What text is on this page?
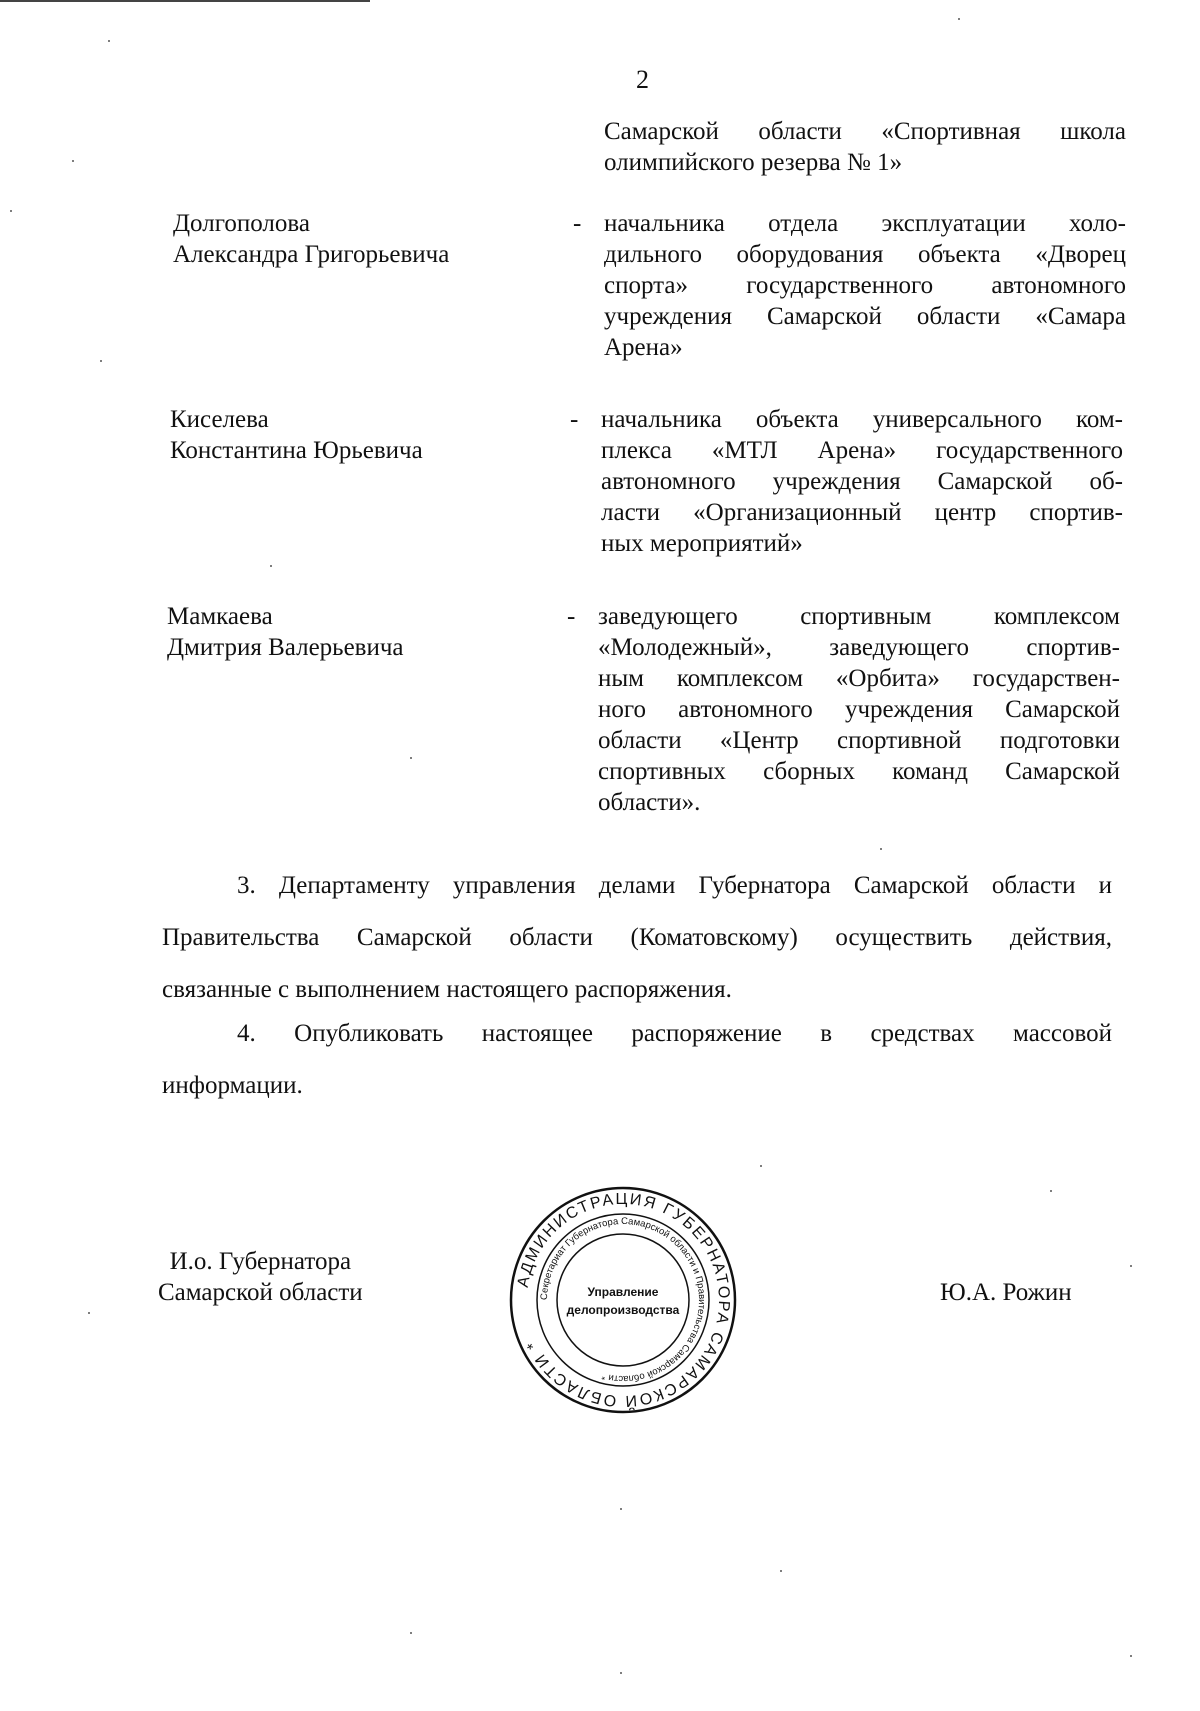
2
Самарской области «Спортивная школа
олимпийского резерва № 1»
Долгополова
Александра Григорьевича
- начальника отдела эксплуатации холо-
дильного оборудования объекта «Дворец
спорта» государственного автономного
учреждения Самарской области «Самара
Арена»
Киселева
Константина Юрьевича
- начальника объекта универсального ком-
плекса «МТЛ Арена» государственного
автономного учреждения Самарской об-
ласти «Организационный центр спортив-
ных мероприятий»
Мамкаева
Дмитрия Валерьевича
- заведующего спортивным комплексом
«Молодежный», заведующего спортив-
ным комплексом «Орбита» государствен-
ного автономного учреждения Самарской
области «Центр спортивной подготовки
спортивных сборных команд Самарской
области».
3. Департаменту управления делами Губернатора Самарской области и
Правительства Самарской области (Коматовскому) осуществить действия,
связанные с выполнением настоящего распоряжения.
4. Опубликовать настоящее распоряжение в средствах массовой
информации.
И.о. Губернатора
Самарской области	Ю.А. Рожин
АДМИНИСТРАЦИЯ ГУБЕРНАТОРА САМАРСКОЙ ОБЛАСТИ *
Секретариат Губернатора Самарской области и Правительства Самарской области *
Управление
делопроизводства
